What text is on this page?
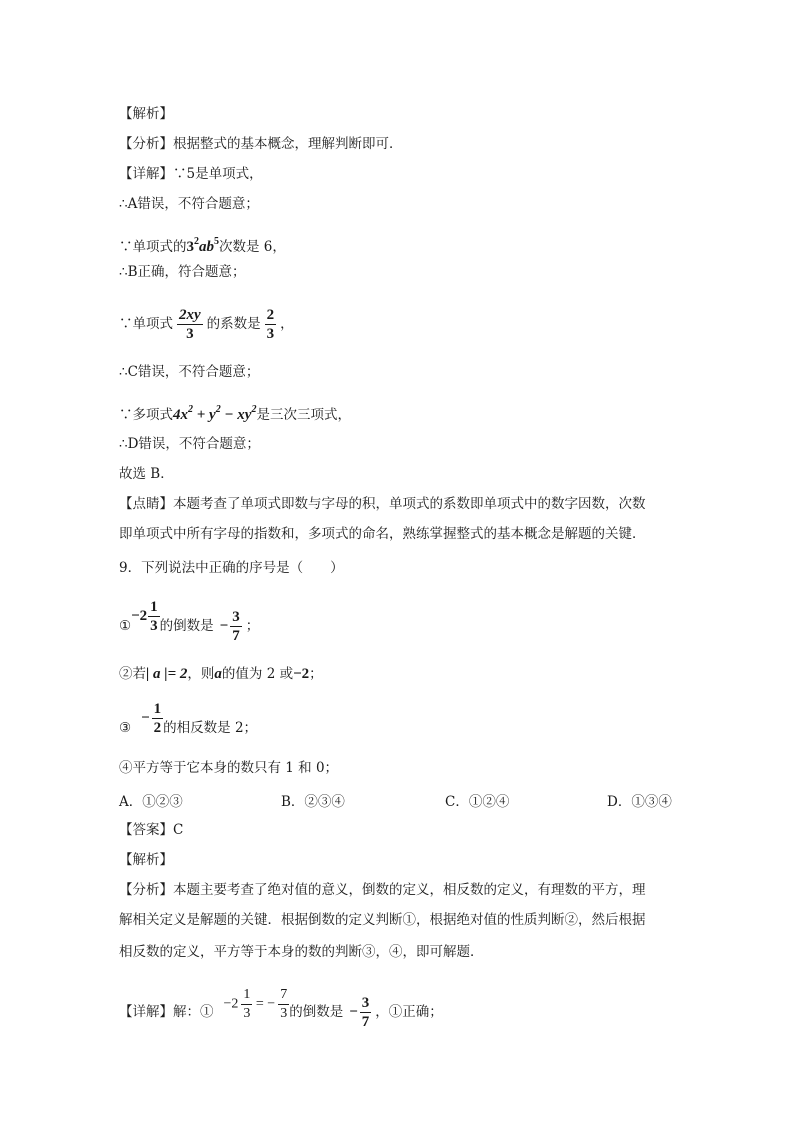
【解析】
【分析】根据整式的基本概念，理解判断即可．
【详解】∵5是单项式，
∴A错误，不符合题意；
∵单项式的$3^2ab^5$次数是 6，
∴B正确，符合题意；
∵单项式 $\frac{2xy}{3}$ 的系数是 $\frac{2}{3}$ ，
∴C错误，不符合题意；
∵多项式$4x^2 + y^2 - xy^2$是三次三项式，
∴D错误，不符合题意；
故选 B．
【点睛】本题考查了单项式即数与字母的积，单项式的系数即单项式中的数字因数，次数
即单项式中所有字母的指数和，多项式的命名，熟练掌握整式的基本概念是解题的关键．
9．下列说法中正确的序号是（　　）
①−2 $\frac{1}{3}$ 的倒数是 − $\frac{3}{7}$ ；
②若| a |= 2，则a的值为 2 或−2；
③− $\frac{1}{2}$ 的相反数是 2；
④平方等于它本身的数只有 1 和 0；
A．①②③	B．②③④	C．①②④	D．①③④
【答案】C
【解析】
【分析】本题主要考查了绝对值的意义，倒数的定义，相反数的定义，有理数的平方，理
解相关定义是解题的关键．根据倒数的定义判断①，根据绝对值的性质判断②，然后根据
相反数的定义，平方等于本身的数的判断③，④，即可解题．
【详解】解：① $-2 \frac{1}{3}$ = − $\frac{7}{3}$ 的倒数是 − $\frac{3}{7}$ ，①正确；
